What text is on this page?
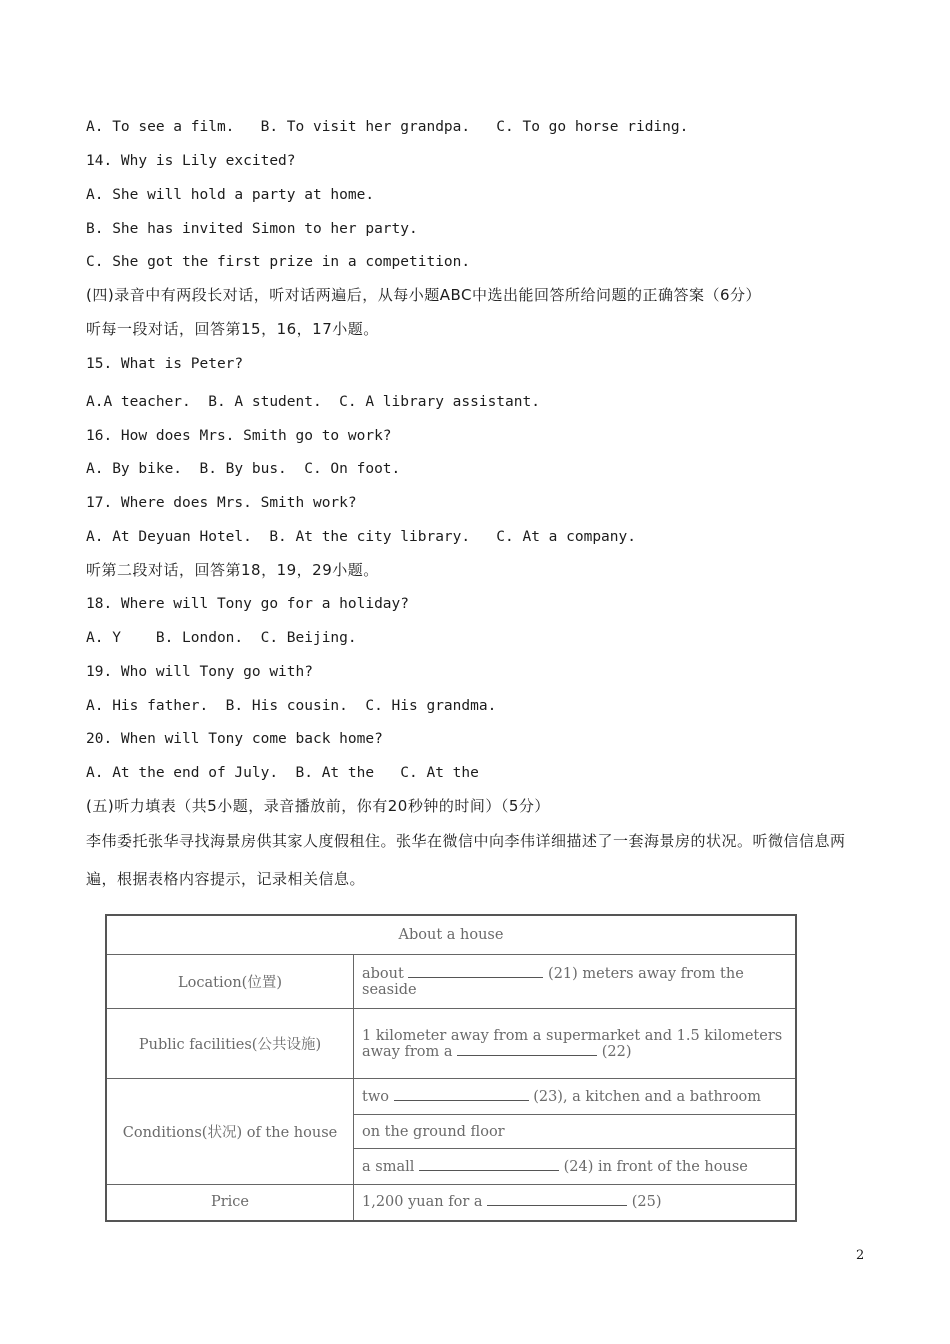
A. To see a film.   B. To visit her grandpa.   C. To go horse riding.
14. Why is Lily excited?
A. She will hold a party at home.
B. She has invited Simon to her party.
C. She got the first prize in a competition.
(四)录音中有两段长对话，听对话两遍后，从每小题ABC中选出能回答所给问题的正确答案（6分）
听每一段对话，回答第15，16，17小题。
15. What is Peter?
A.A teacher.  B. A student.  C. A library assistant.
16. How does Mrs. Smith go to work?
A. By bike.  B. By bus.  C. On foot.
17. Where does Mrs. Smith work?
A. At Deyuan Hotel.  B. At the city library.   C. At a company.
听第二段对话，回答第18，19，29小题。
18. Where will Tony go for a holiday?
A. Y    B. London.  C. Beijing.
19. Who will Tony go with?
A. His father.  B. His cousin.  C. His grandma.
20. When will Tony come back home?
A. At the end of July.  B. At the   C. At the
(五)听力填表（共5小题，录音播放前，你有20秒钟的时间）（5分）
李伟委托张华寻找海景房供其家人度假租住。张华在微信中向李伟详细描述了一套海景房的状况。听微信信息两遍，根据表格内容提示，记录相关信息。
About a house	
Location(位置)	about (21) meters away from the seaside
Public facilities(公共设施)	1 kilometer away from a supermarket and 1.5 kilometers away from a (22)
Conditions(状况) of the house	two (23), a kitchen and a bathroom
	on the ground floor
	a small (24) in front of the house
Price	1,200 yuan for a (25)
2
